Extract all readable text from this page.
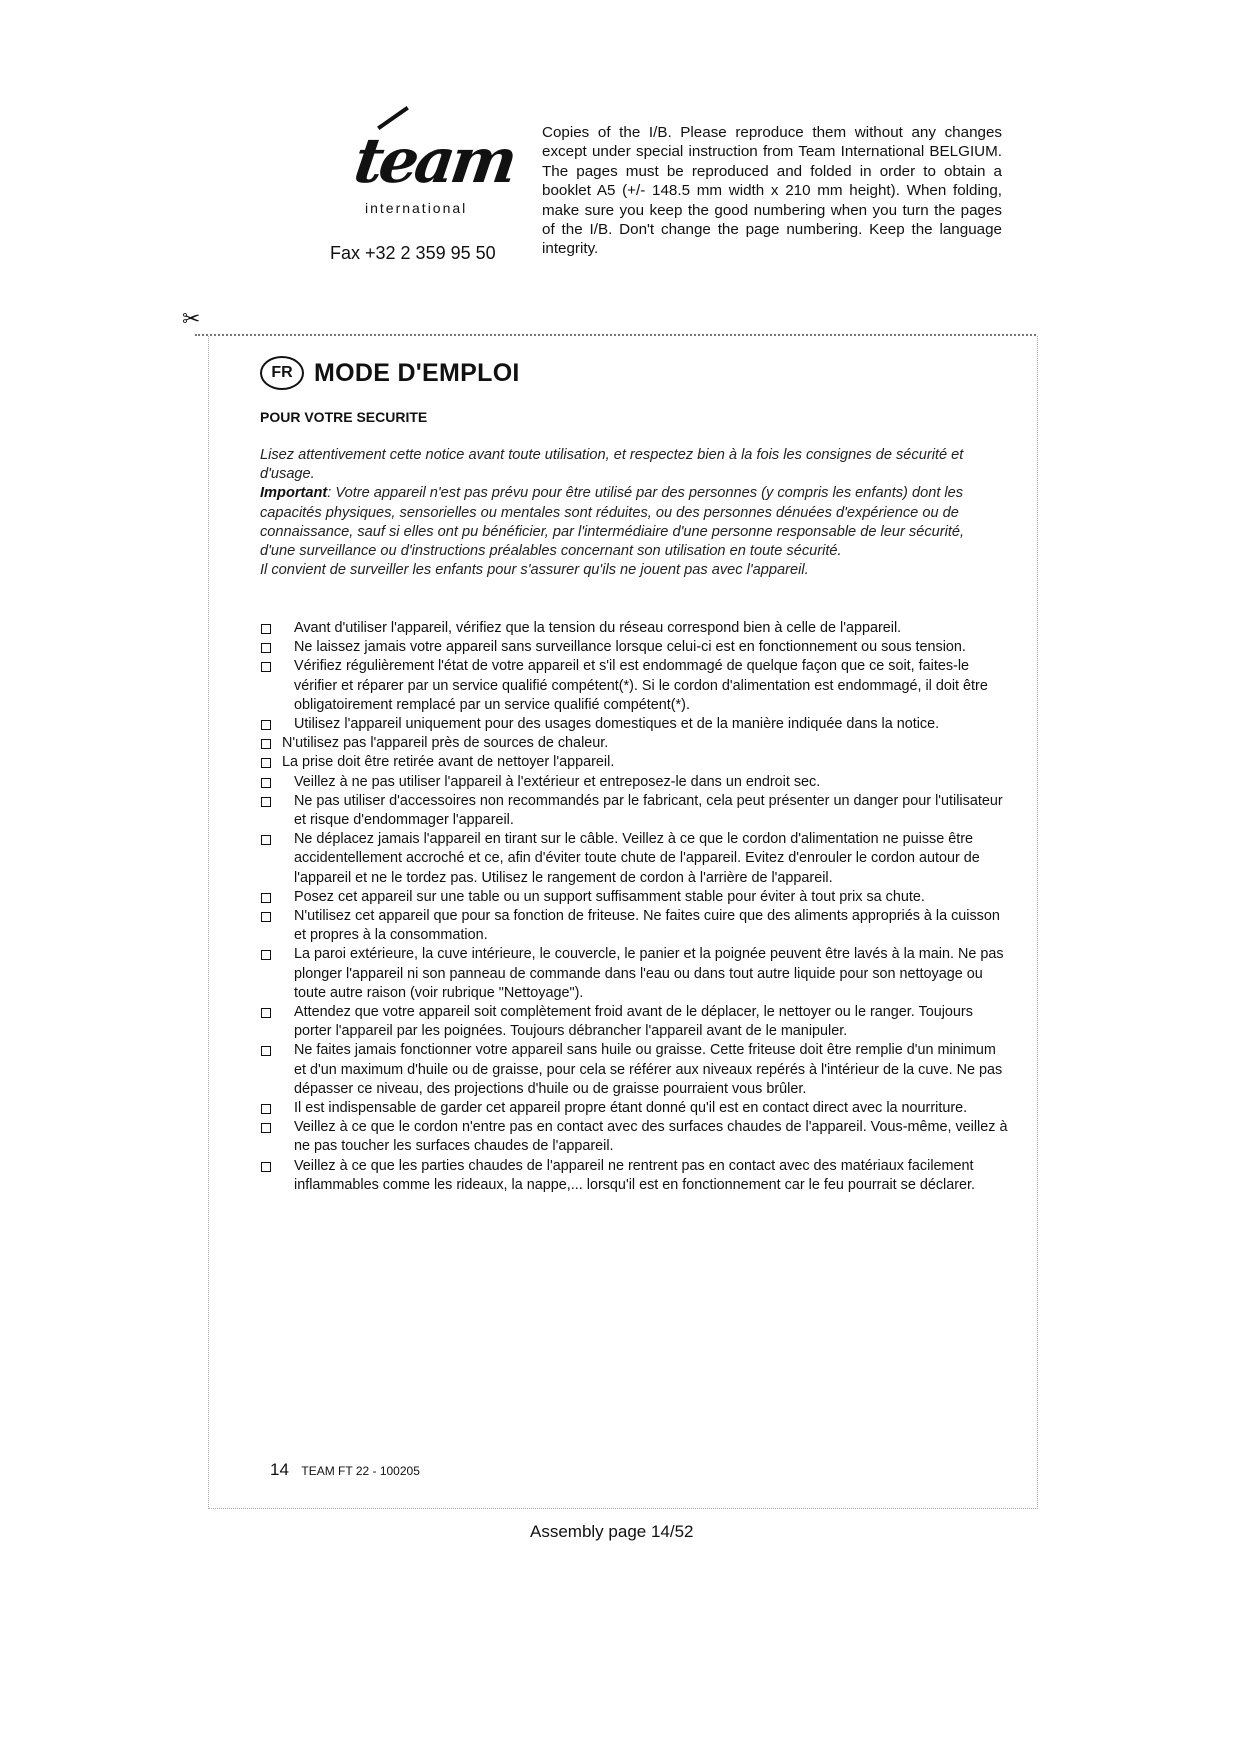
team
international
Fax +32 2 359 95 50

Copies of the I/B. Please reproduce them without any changes except under special instruction from Team International BELGIUM. The pages must be reproduced and folded in order to obtain a booklet A5 (+/- 148.5 mm width x 210 mm height). When folding, make sure you keep the good numbering when you turn the pages of the I/B. Don't change the page numbering. Keep the language integrity.

✂
FR MODE D'EMPLOI
POUR VOTRE SECURITE

Lisez attentivement cette notice avant toute utilisation, et respectez bien à la fois les consignes de sécurité et d'usage.

Important: Votre appareil n'est pas prévu pour être utilisé par des personnes (y compris les enfants) dont les capacités physiques, sensorielles ou mentales sont réduites, ou des personnes dénuées d'expérience ou de connaissance, sauf si elles ont pu bénéficier, par l'intermédiaire d'une personne responsable de leur sécurité, d'une surveillance ou d'instructions préalables concernant son utilisation en toute sécurité.

Il convient de surveiller les enfants pour s'assurer qu'ils ne jouent pas avec l'appareil.

Avant d'utiliser l'appareil, vérifiez que la tension du réseau correspond bien à celle de l'appareil.
Ne laissez jamais votre appareil sans surveillance lorsque celui-ci est en fonctionnement ou sous tension.
Vérifiez régulièrement l'état de votre appareil et s'il est endommagé de quelque façon que ce soit, faites-le vérifier et réparer par un service qualifié compétent(*). Si le cordon d'alimentation est endommagé, il doit être obligatoirement remplacé par un service qualifié compétent(*).
Utilisez l'appareil uniquement pour des usages domestiques et de la manière indiquée dans la notice.
N'utilisez pas l'appareil près de sources de chaleur.
La prise doit être retirée avant de nettoyer l'appareil.
Veillez à ne pas utiliser l'appareil à l'extérieur et entreposez-le dans un endroit sec.
Ne pas utiliser d'accessoires non recommandés par le fabricant, cela peut présenter un danger pour l'utilisateur et risque d'endommager l'appareil.
Ne déplacez jamais l'appareil en tirant sur le câble. Veillez à ce que le cordon d'alimentation ne puisse être accidentellement accroché et ce, afin d'éviter toute chute de l'appareil. Evitez d'enrouler le cordon autour de l'appareil et ne le tordez pas. Utilisez le rangement de cordon à l'arrière de l'appareil.
Posez cet appareil sur une table ou un support suffisamment stable pour éviter à tout prix sa chute.
N'utilisez cet appareil que pour sa fonction de friteuse. Ne faites cuire que des aliments appropriés à la cuisson et propres à la consommation.
La paroi extérieure, la cuve intérieure, le couvercle, le panier et la poignée peuvent être lavés à la main. Ne pas plonger l'appareil ni son panneau de commande dans l'eau ou dans tout autre liquide pour son nettoyage ou toute autre raison (voir rubrique "Nettoyage").
Attendez que votre appareil soit complètement froid avant de le déplacer, le nettoyer ou le ranger. Toujours porter l'appareil par les poignées. Toujours débrancher l'appareil avant de le manipuler.
Ne faites jamais fonctionner votre appareil sans huile ou graisse. Cette friteuse doit être remplie d'un minimum et d'un maximum d'huile ou de graisse, pour cela se référer aux niveaux repérés à l'intérieur de la cuve. Ne pas dépasser ce niveau, des projections d'huile ou de graisse pourraient vous brûler.
Il est indispensable de garder cet appareil propre étant donné qu'il est en contact direct avec la nourriture.
Veillez à ce que le cordon n'entre pas en contact avec des surfaces chaudes de l'appareil. Vous-même, veillez à ne pas toucher les surfaces chaudes de l'appareil.
Veillez à ce que les parties chaudes de l'appareil ne rentrent pas en contact avec des matériaux facilement inflammables comme les rideaux, la nappe,... lorsqu'il est en fonctionnement car le feu pourrait se déclarer.
14 TEAM FT 22 - 100205
Assembly page 14/52
